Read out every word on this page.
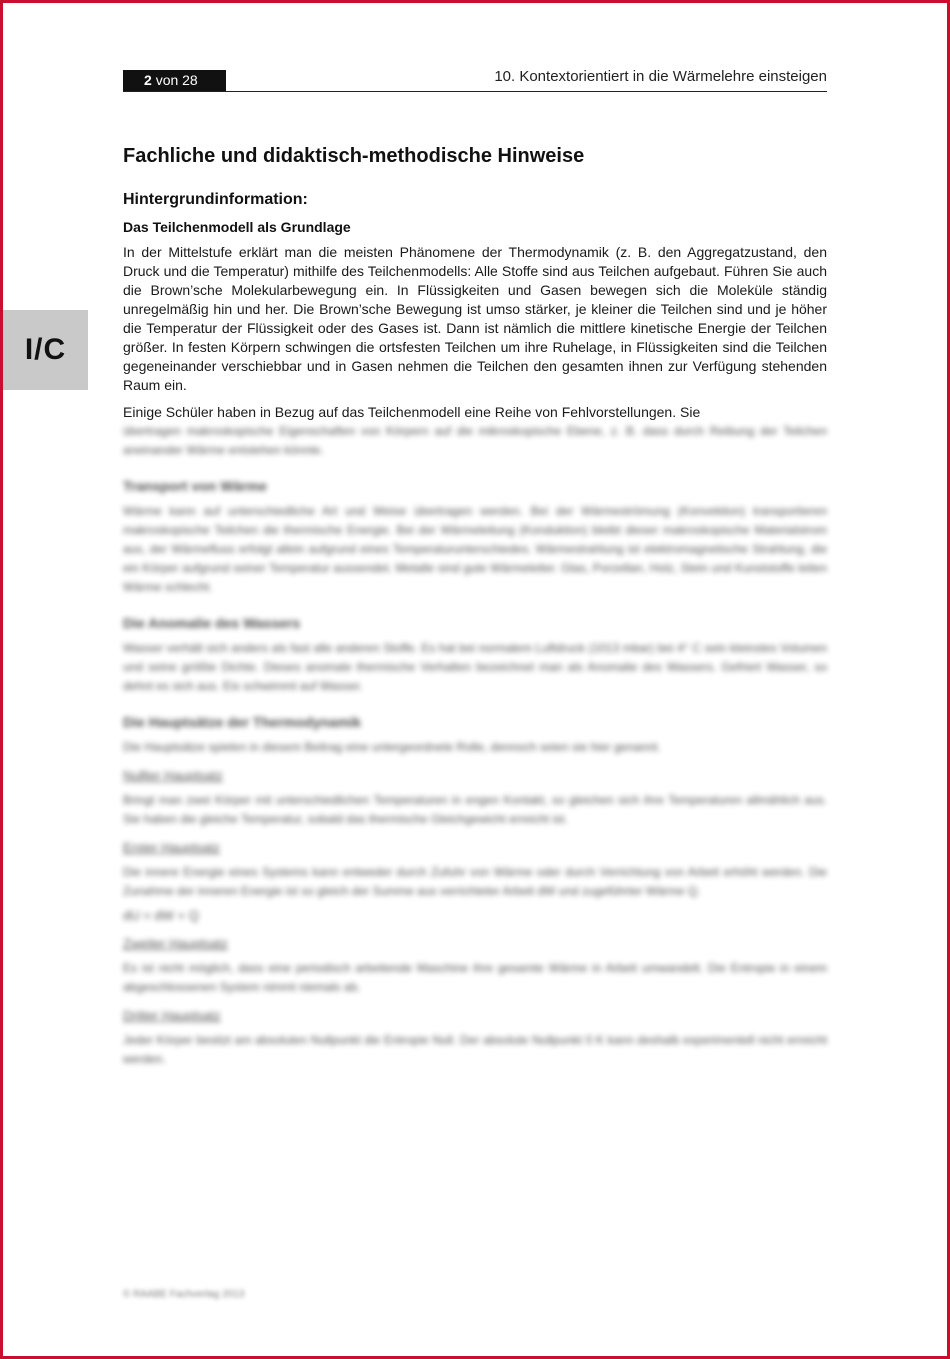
2 von 28	10. Kontextorientiert in die Wärmelehre einsteigen
I/C
Fachliche und didaktisch-methodische Hinweise
Hintergrundinformation:
Das Teilchenmodell als Grundlage

In der Mittelstufe erklärt man die meisten Phänomene der Thermodynamik (z. B. den Aggregatzustand, den Druck und die Temperatur) mithilfe des Teilchenmodells: Alle Stoffe sind aus Teilchen aufgebaut. Führen Sie auch die Brown’sche Molekularbewegung ein. In Flüssigkeiten und Gasen bewegen sich die Moleküle ständig unregelmäßig hin und her. Die Brown’sche Bewegung ist umso stärker, je kleiner die Teilchen sind und je höher die Temperatur der Flüssigkeit oder des Gases ist. Dann ist nämlich die mittlere kinetische Energie der Teilchen größer. In festen Körpern schwingen die ortsfesten Teilchen um ihre Ruhelage, in Flüssigkeiten sind die Teilchen gegeneinander verschiebbar und in Gasen nehmen die Teilchen den gesamten ihnen zur Verfügung stehenden Raum ein.

Einige Schüler haben in Bezug auf das Teilchenmodell eine Reihe von Fehlvorstellungen. Sie

übertragen makroskopische Eigenschaften von Körpern auf die mikroskopische Ebene, z. B. dass durch Reibung der Teilchen aneinander Wärme entstehen könnte.

Transport von Wärme

Wärme kann auf unterschiedliche Art und Weise übertragen werden. Bei der Wärmeströmung (Konvektion) transportieren makroskopische Teilchen die thermische Energie. Bei der Wärmeleitung (Konduktion) bleibt dieser makroskopische Materialstrom aus, der Wärmefluss erfolgt allein aufgrund eines Temperaturunterschiedes. Wärmestrahlung ist elektromagnetische Strahlung, die ein Körper aufgrund seiner Temperatur aussendet. Metalle sind gute Wärmeleiter. Glas, Porzellan, Holz, Stein und Kunststoffe leiten Wärme schlecht.

Die Anomalie des Wassers

Wasser verhält sich anders als fast alle anderen Stoffe. Es hat bei normalem Luftdruck (1013 mbar) bei 4° C sein kleinstes Volumen und seine größte Dichte. Dieses anomale thermische Verhalten bezeichnet man als Anomalie des Wassers. Gefriert Wasser, so dehnt es sich aus. Eis schwimmt auf Wasser.

Die Hauptsätze der Thermodynamik

Die Hauptsätze spielen in diesem Beitrag eine untergeordnete Rolle, dennoch seien sie hier genannt.

Nullter Hauptsatz

Bringt man zwei Körper mit unterschiedlichen Temperaturen in engen Kontakt, so gleichen sich ihre Temperaturen allmählich aus. Sie haben die gleiche Temperatur, sobald das thermische Gleichgewicht erreicht ist.

Erster Hauptsatz

Die innere Energie eines Systems kann entweder durch Zufuhr von Wärme oder durch Verrichtung von Arbeit erhöht werden. Die Zunahme der inneren Energie ist so gleich der Summe aus verrichteter Arbeit dW und zugeführter Wärme Q.

dU = dW + Q
Zweiter Hauptsatz

Es ist nicht möglich, dass eine periodisch arbeitende Maschine ihre gesamte Wärme in Arbeit umwandelt. Die Entropie in einem abgeschlossenen System nimmt niemals ab.

Dritter Hauptsatz

Jeder Körper besitzt am absoluten Nullpunkt die Entropie Null. Der absolute Nullpunkt 0 K kann deshalb experimentell nicht erreicht werden.

© RAABE Fachverlag 2013
